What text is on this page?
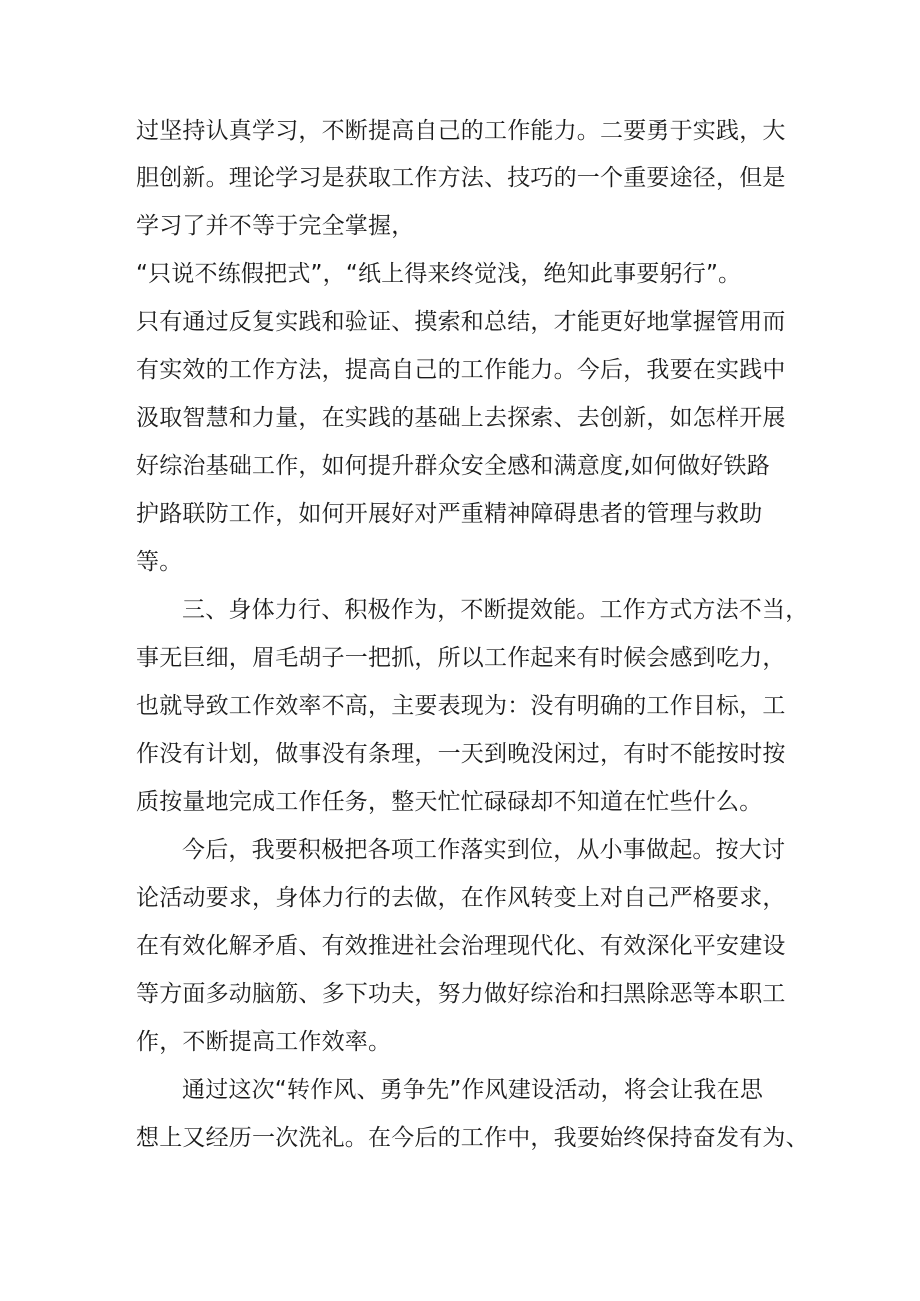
过坚持认真学习，不断提高自己的工作能力。二要勇于实践，大
胆创新。理论学习是获取工作方法、技巧的一个重要途径，但是
学习了并不等于完全掌握，
“只说不练假把式”，“纸上得来终觉浅，绝知此事要躬行”。
只有通过反复实践和验证、摸索和总结，才能更好地掌握管用而
有实效的工作方法，提高自己的工作能力。今后，我要在实践中
汲取智慧和力量，在实践的基础上去探索、去创新，如怎样开展
好综治基础工作，如何提升群众安全感和满意度,如何做好铁路
护路联防工作，如何开展好对严重精神障碍患者的管理与救助
等。
三、身体力行、积极作为，不断提效能。工作方式方法不当，
事无巨细，眉毛胡子一把抓，所以工作起来有时候会感到吃力，
也就导致工作效率不高，主要表现为：没有明确的工作目标，工
作没有计划，做事没有条理，一天到晚没闲过，有时不能按时按
质按量地完成工作任务，整天忙忙碌碌却不知道在忙些什么。
今后，我要积极把各项工作落实到位，从小事做起。按大讨
论活动要求，身体力行的去做，在作风转变上对自己严格要求，
在有效化解矛盾、有效推进社会治理现代化、有效深化平安建设
等方面多动脑筋、多下功夫，努力做好综治和扫黑除恶等本职工
作，不断提高工作效率。
通过这次“转作风、勇争先”作风建设活动，将会让我在思
想上又经历一次洗礼。在今后的工作中，我要始终保持奋发有为、
